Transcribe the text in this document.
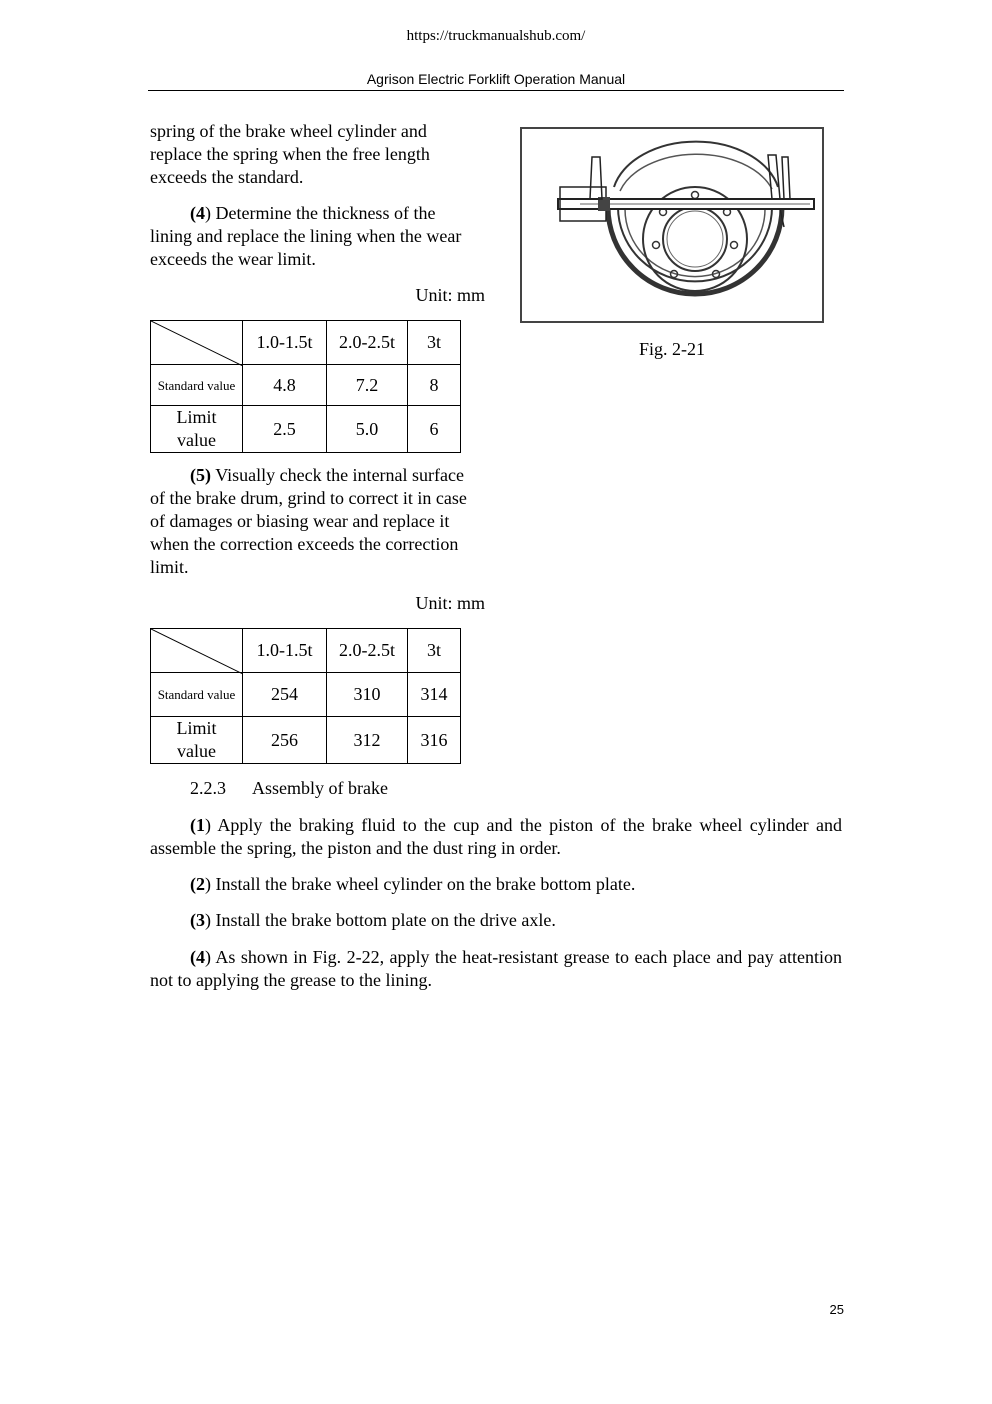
https://truckmanualshub.com/
Agrison Electric Forklift Operation Manual

spring of the brake wheel cylinder and replace the spring when the free length exceeds the standard.

(4) Determine the thickness of the lining and replace the lining when the wear exceeds the wear limit.

Unit: mm
	1.0-1.5t	2.0-2.5t	3t
Standard value	4.8	7.2	8

Limit value	2.5	5.0	6

(5) Visually check the internal surface of the brake drum, grind to correct it in case of damages or biasing wear and replace it when the correction exceeds the correction limit.

Unit: mm
	1.0-1.5t	2.0-2.5t	3t
Standard value	254	310	314

Limit value	256	312	316
Fig. 2-21
2.2.3 Assembly of brake

(1) Apply the braking fluid to the cup and the piston of the brake wheel cylinder and assemble the spring, the piston and the dust ring in order.

(2) Install the brake wheel cylinder on the brake bottom plate.

(3) Install the brake bottom plate on the drive axle.

(4) As shown in Fig. 2-22, apply the heat-resistant grease to each place and pay attention not to applying the grease to the lining.

25
